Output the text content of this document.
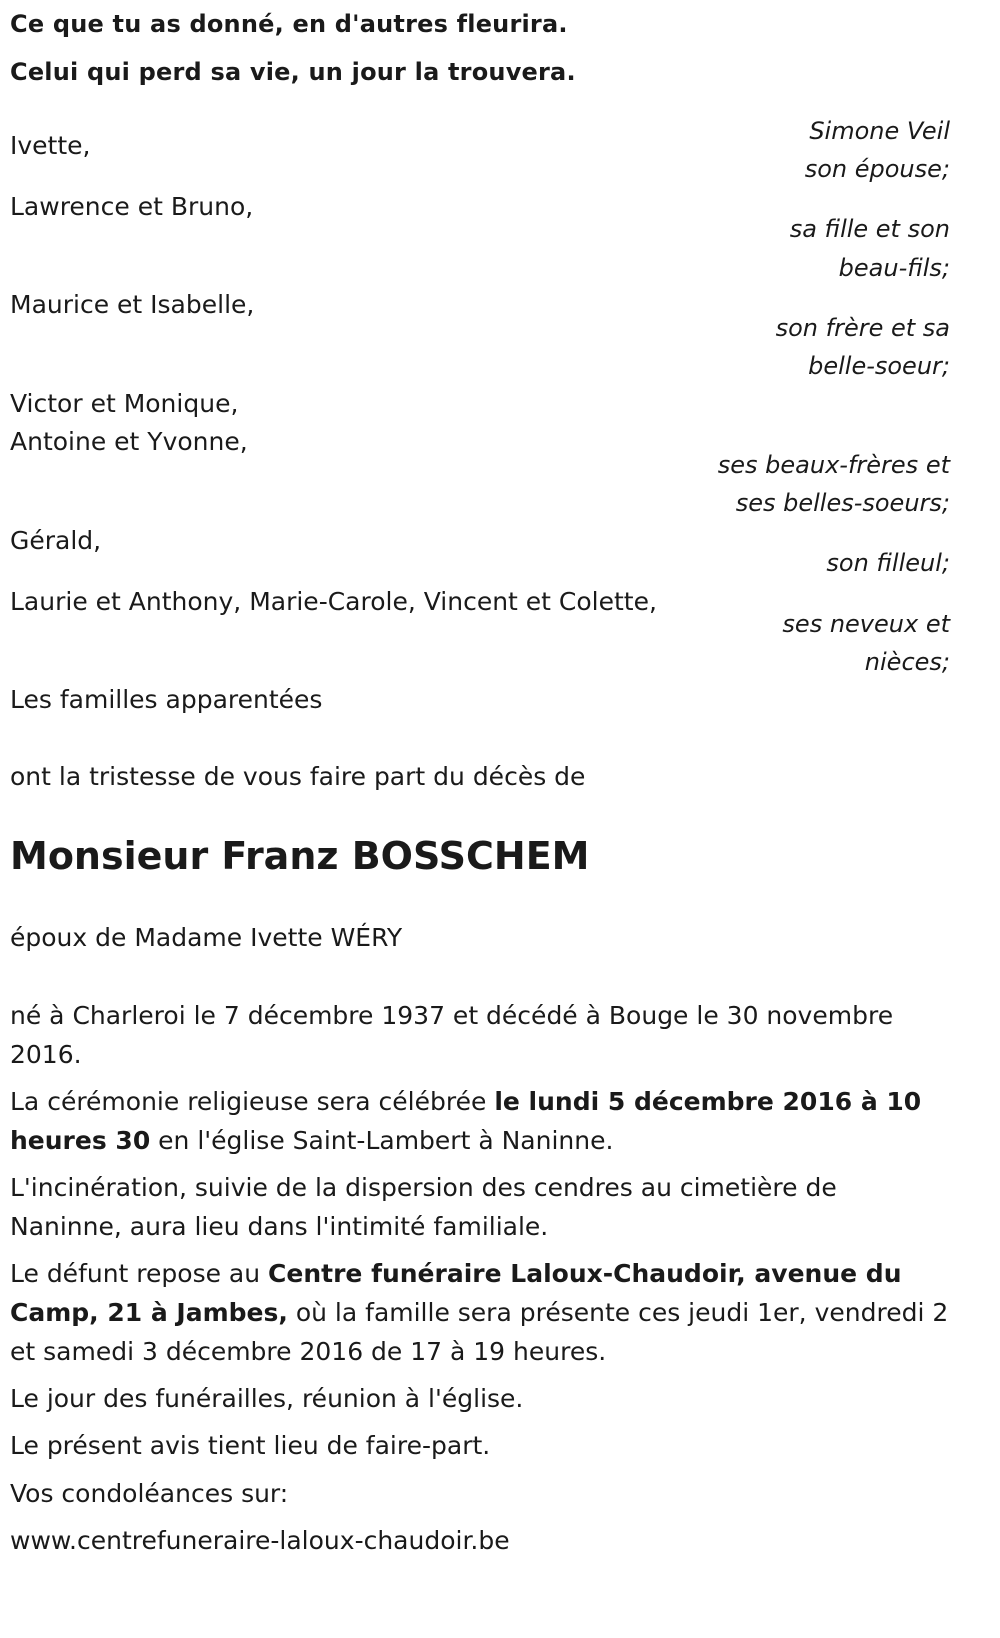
Ce que tu as donné, en d'autres fleurira.
Celui qui perd sa vie, un jour la trouvera.
Ivette,
Lawrence et Bruno,
Maurice et Isabelle,
Victor et Monique,
Antoine et Yvonne,
Gérald,
Laurie et Anthony, Marie-Carole, Vincent et Colette,
Les familles apparentées
Simone Veil
son épouse;
sa fille et son
beau-fils;
son frère et sa
belle-soeur;
ses beaux-frères et
ses belles-soeurs;
son filleul;
ses neveux et
nièces;
ont la tristesse de vous faire part du décès de
Monsieur Franz BOSSCHEM
époux de Madame Ivette WÉRY
né à Charleroi le 7 décembre 1937 et décédé à Bouge le 30 novembre 2016.
La cérémonie religieuse sera célébrée le lundi 5 décembre 2016 à 10 heures 30 en l'église Saint-Lambert à Naninne.
L'incinération, suivie de la dispersion des cendres au cimetière de Naninne, aura lieu dans l'intimité familiale.
Le défunt repose au Centre funéraire Laloux-Chaudoir, avenue du Camp, 21 à Jambes, où la famille sera présente ces jeudi 1er, vendredi 2 et samedi 3 décembre 2016 de 17 à 19 heures.
Le jour des funérailles, réunion à l'église.
Le présent avis tient lieu de faire-part.
Vos condoléances sur:
www.centrefuneraire-laloux-chaudoir.be
